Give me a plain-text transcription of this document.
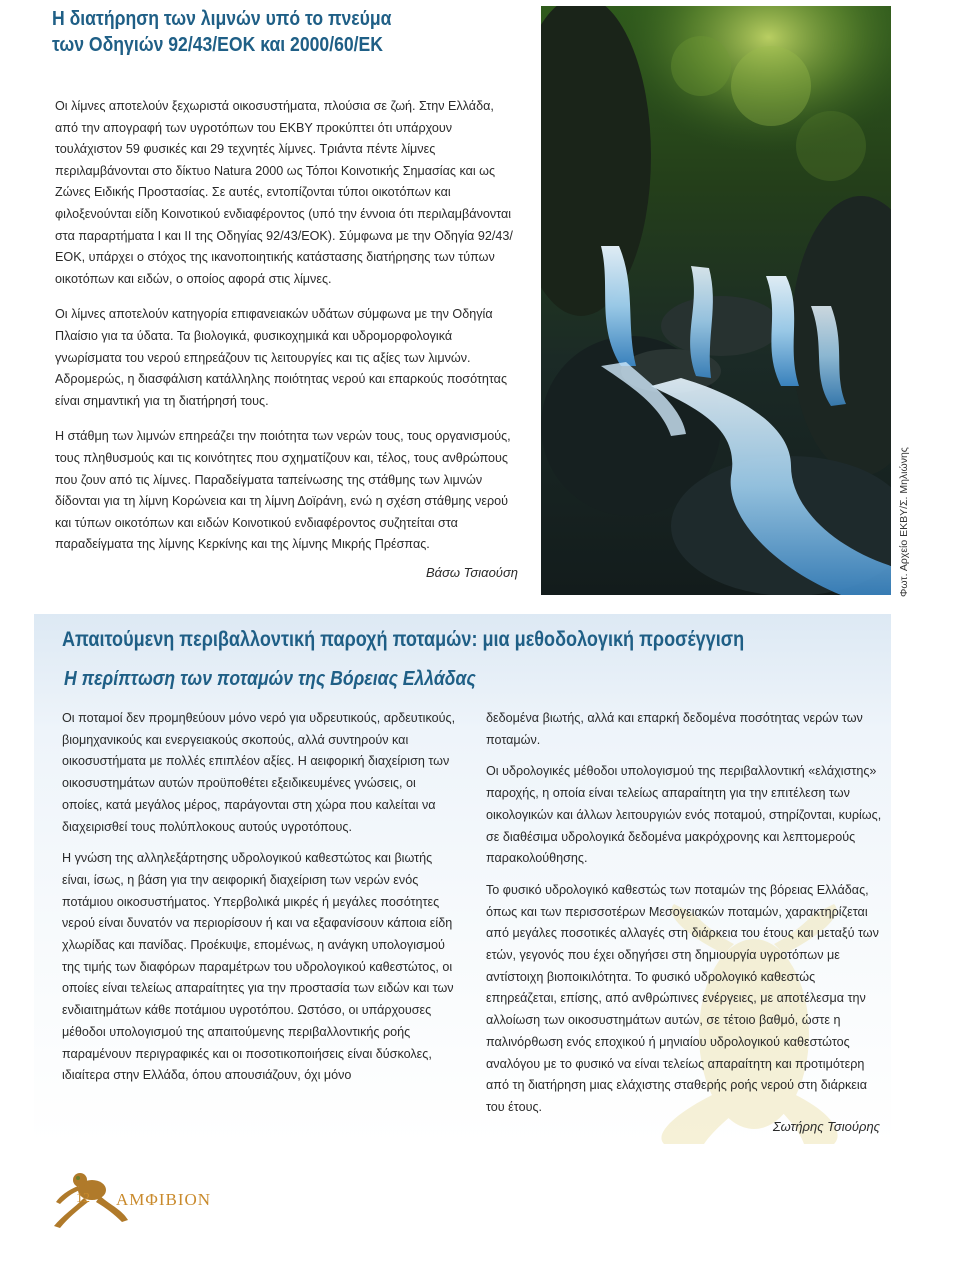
Η διατήρηση των λιμνών υπό το πνεύμα
των Οδηγιών 92/43/ΕΟΚ και 2000/60/ΕΚ

Οι λίμνες αποτελούν ξεχωριστά οικοσυστήματα, πλούσια σε ζωή. Στην Ελλάδα, από την απογραφή των υγροτόπων του ΕΚΒΥ προκύπτει ότι υπάρχουν τουλάχιστον 59 φυσικές και 29 τεχνητές λίμνες. Τριάντα πέντε λίμνες περιλαμβάνονται στο δίκτυο Natura 2000 ως Τόποι Κοινοτικής Σημασίας και ως Ζώνες Ειδικής Προστασίας. Σε αυτές, εντοπίζονται τύποι οικοτόπων και φιλοξενούνται είδη Κοινοτικού ενδιαφέροντος (υπό την έννοια ότι περιλαμβάνονται στα παραρτήματα Ι και ΙΙ της Οδηγίας 92/43/ΕΟΚ). Σύμφωνα με την Οδηγία 92/43/ΕΟΚ, υπάρχει ο στόχος της ικανοποιητικής κατάστασης διατήρησης των τύπων οικοτόπων και ειδών, ο οποίος αφορά στις λίμνες.

Οι λίμνες αποτελούν κατηγορία επιφανειακών υδάτων σύμφωνα με την Οδηγία Πλαίσιο για τα ύδατα. Τα βιολογικά, φυσικοχημικά και υδρομορφολογικά γνωρίσματα του νερού επηρεάζουν τις λειτουργίες και τις αξίες των λιμνών. Αδρομερώς, η διασφάλιση κατάλληλης ποιότητας νερού και επαρκούς ποσότητας είναι σημαντική για τη διατήρησή τους.

Η στάθμη των λιμνών επηρεάζει την ποιότητα των νερών τους, τους οργανισμούς, τους πληθυσμούς και τις κοινότητες που σχηματίζουν και, τέλος, τους ανθρώπους που ζουν από τις λίμνες. Παραδείγματα ταπείνωσης της στάθμης των λιμνών δίδονται για τη λίμνη Κορώνεια και τη λίμνη Δοϊράνη, ενώ η σχέση στάθμης νερού και τύπων οικοτόπων και ειδών Κοινοτικού ενδιαφέροντος συζητείται στα παραδείγματα της λίμνης Κερκίνης και της λίμνης Μικρής Πρέσπας.

Βάσω Τσιαούση	Φωτ. Αρχείο ΕΚΒΥ/Σ. Μηλιώνης
Απαιτούμενη περιβαλλοντική παροχή ποταμών: μια μεθοδολογική προσέγγιση
Η περίπτωση των ποταμών της Βόρειας Ελλάδας

Οι ποταμοί δεν προμηθεύουν μόνο νερό για υδρευτικούς, αρδευτικούς, βιομηχανικούς και ενεργειακούς σκοπούς, αλλά συντηρούν και οικοσυστήματα με πολλές επιπλέον αξίες. Η αειφορική διαχείριση των οικοσυστημάτων αυτών προϋποθέτει εξειδικευμένες γνώσεις, οι οποίες, κατά μεγάλος μέρος, παράγονται στη χώρα που καλείται να διαχειρισθεί τους πολύπλοκους αυτούς υγροτόπους.

Η γνώση της αλληλεξάρτησης υδρολογικού καθεστώτος και βιωτής είναι, ίσως, η βάση για την αειφορική διαχείριση των νερών ενός ποτάμιου οικοσυστήματος. Υπερβολικά μικρές ή μεγάλες ποσότητες νερού είναι δυνατόν να περιορίσουν ή και να εξαφανίσουν κάποια είδη χλωρίδας και πανίδας. Προέκυψε, επομένως, η ανάγκη υπολογισμού της τιμής των διαφόρων παραμέτρων του υδρολογικού καθεστώτος, οι οποίες είναι τελείως απαραίτητες για την προστασία των ειδών και των ενδιαιτημάτων κάθε ποτάμιου υγροτόπου. Ωστόσο, οι υπάρχουσες μέθοδοι υπολογισμού της απαιτούμενης περιβαλλοντικής ροής παραμένουν περιγραφικές και οι ποσοτικοποιήσεις είναι δύσκολες, ιδιαίτερα στην Ελλάδα, όπου απουσιάζουν, όχι μόνο

δεδομένα βιωτής, αλλά και επαρκή δεδομένα ποσότητας νερών των ποταμών.

Οι υδρολογικές μέθοδοι υπολογισμού της περιβαλλοντική «ελάχιστης» παροχής, η οποία είναι τελείως απαραίτητη για την επιτέλεση των οικολογικών και άλλων λειτουργιών ενός ποταμού, στηρίζονται, κυρίως, σε διαθέσιμα υδρολογικά δεδομένα μακρόχρονης και λεπτομερούς παρακολούθησης.

Το φυσικό υδρολογικό καθεστώς των ποταμών της βόρειας Ελλάδας, όπως και των περισσοτέρων Μεσογειακών ποταμών, χαρακτηρίζεται από μεγάλες ποσοτικές αλλαγές στη διάρκεια του έτους και μεταξύ των ετών, γεγονός που έχει οδηγήσει στη δημιουργία υγροτόπων με αντίστοιχη βιοποικιλότητα. Το φυσικό υδρολογικό καθεστώς επηρεάζεται, επίσης, από ανθρώπινες ενέργειες, με αποτέλεσμα την αλλοίωση των οικοσυστημάτων αυτών, σε τέτοιο βαθμό, ώστε η παλινόρθωση ενός εποχικού ή μηνιαίου υδρολογικού καθεστώτος αναλόγου με το φυσικό να είναι τελείως απαραίτητη και προτιμότερη από τη διατήρηση μιας ελάχιστης σταθερής ροής νερού στη διάρκεια του έτους.

Σωτήρης Τσιούρης
12 ΑΜΦΙΒΙΟΝ
